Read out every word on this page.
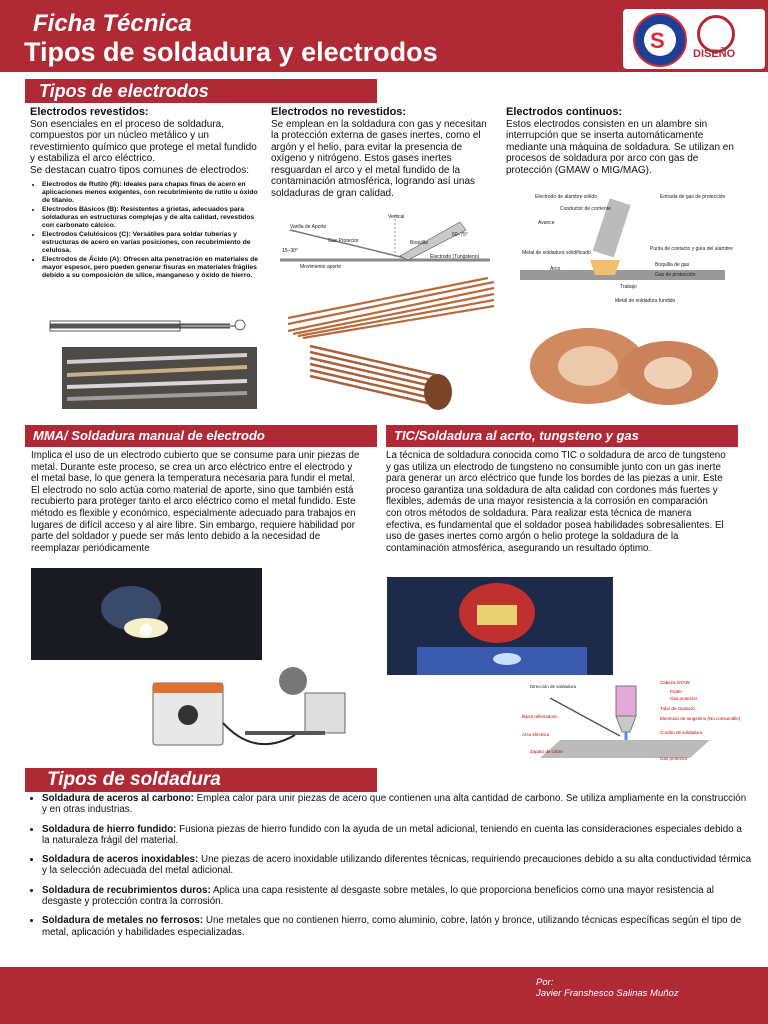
Ficha Técnica
Tipos de soldadura y electrodos	S
DISEÑO
Tipos de electrodos
Electrodos revestidos:

Son esenciales en el proceso de soldadura, compuestos por un núcleo metálico y un revestimiento químico que protege el metal fundido y estabiliza el arco eléctrico.

Se destacan cuatro tipos comunes de electrodos:

• Electrodos de Rutilo (R): Ideales para chapas finas de acero en aplicaciones menos exigentes, con recubrimiento de rutilo u óxido de titanio.
• Electrodos Básicos (B): Resistentes a grietas, adecuados para soldaduras en estructuras complejas y de alta calidad, revestidos con carbonato cálcico.
• Electrodos Celulósicos (C): Versátiles para soldar tuberías y estructuras de acero en varias posiciones, con recubrimiento de celulosa.
• Electrodos de Ácido (A): Ofrecen alta penetración en materiales de mayor espesor, pero pueden generar fisuras en materiales frágiles debido a su composición de sílice, manganeso y óxido de hierro.
Electrodos no revestidos:

Se emplean en la soldadura con gas y necesitan la protección externa de gases inertes, como el argón y el helio, para evitar la presencia de oxígeno y nitrógeno. Estos gases inertes resguardan el arco y el metal fundido de la contaminación atmosférica, logrando así unas soldaduras de gran calidad.

Electrodos continuos:

Estos electrodos consisten en un alambre sin interrupción que se inserta automáticamente mediante una máquina de soldadura. Se utilizan en procesos de soldadura por arco con gas de protección (GMAW o MIG/MAG).

Vertical
Varilla de Aporte
60–75°
Gas Protector	Boquilla
15–30°
Electrodo (Tungsteno)
Movimiento aporte
Electrodo de alambre sólido	Entrada de gas de protección
Conductor de corriente
Avance
Punta de contacto y guía del alambre
Metal de soldadura solidificado
Boquilla de gas
Arco
Gas de protección
Trabajo
Metal de soldadura fundido
MMA/ Soldadura manual de electrodo
Implica el uso de un electrodo cubierto que se consume para unir piezas de metal. Durante este proceso, se crea un arco eléctrico entre el electrodo y el metal base, lo que genera la temperatura necesaria para fundir el metal. El electrodo no solo actúa como material de aporte, sino que también está recubierto para proteger tanto el arco eléctrico como el metal fundido. Este método es flexible y económico, especialmente adecuado para trabajos en lugares de difícil acceso y al aire libre. Sin embargo, requiere habilidad por parte del soldador y puede ser más lento debido a la necesidad de reemplazar periódicamente
TIC/Soldadura al acrto, tungsteno y gas
La técnica de soldadura conocida como TIC o soldadura de arco de tungsteno y gas utiliza un electrodo de tungsteno no consumible junto con un gas inerte para generar un arco eléctrico que funde los bordes de las piezas a unir. Este proceso garantiza una soldadura de alta calidad con cordones más fuertes y flexibles, además de una mayor resistencia a la corrosión en comparación con otros métodos de soldadura. Para realizar esta técnica de manera efectiva, es fundamental que el soldador posea habilidades sobresalientes. El uso de gases inertes como argón o helio protege la soldadura de la contaminación atmosférica, asegurando un resultado óptimo.
Dirección de soldadura
Cabeza GTAW
Poder
Gas protector
Tubo de contacto
Barra rellenadora	Electrodo de tungsteno (No consumible)
Arco eléctrico	Cordón de soldadura
Zapato de cobre
Gas protector
Tipos de soldadura
• Soldadura de aceros al carbono: Emplea calor para unir piezas de acero que contienen una alta cantidad de carbono. Se utiliza ampliamente en la construcción y en otras industrias.
• Soldadura de hierro fundido: Fusiona piezas de hierro fundido con la ayuda de un metal adicional, teniendo en cuenta las consideraciones especiales debido a la naturaleza frágil del material.
• Soldadura de aceros inoxidables: Une piezas de acero inoxidable utilizando diferentes técnicas, requiriendo precauciones debido a su alta conductividad térmica y la selección adecuada del metal adicional.
• Soldadura de recubrimientos duros: Aplica una capa resistente al desgaste sobre metales, lo que proporciona beneficios como una mayor resistencia al desgaste y protección contra la corrosión.
• Soldadura de metales no ferrosos: Une metales que no contienen hierro, como aluminio, cobre, latón y bronce, utilizando técnicas específicas según el tipo de metal, aplicación y habilidades especializadas.
Por:
Javier Franshesco Salinas Muñoz
